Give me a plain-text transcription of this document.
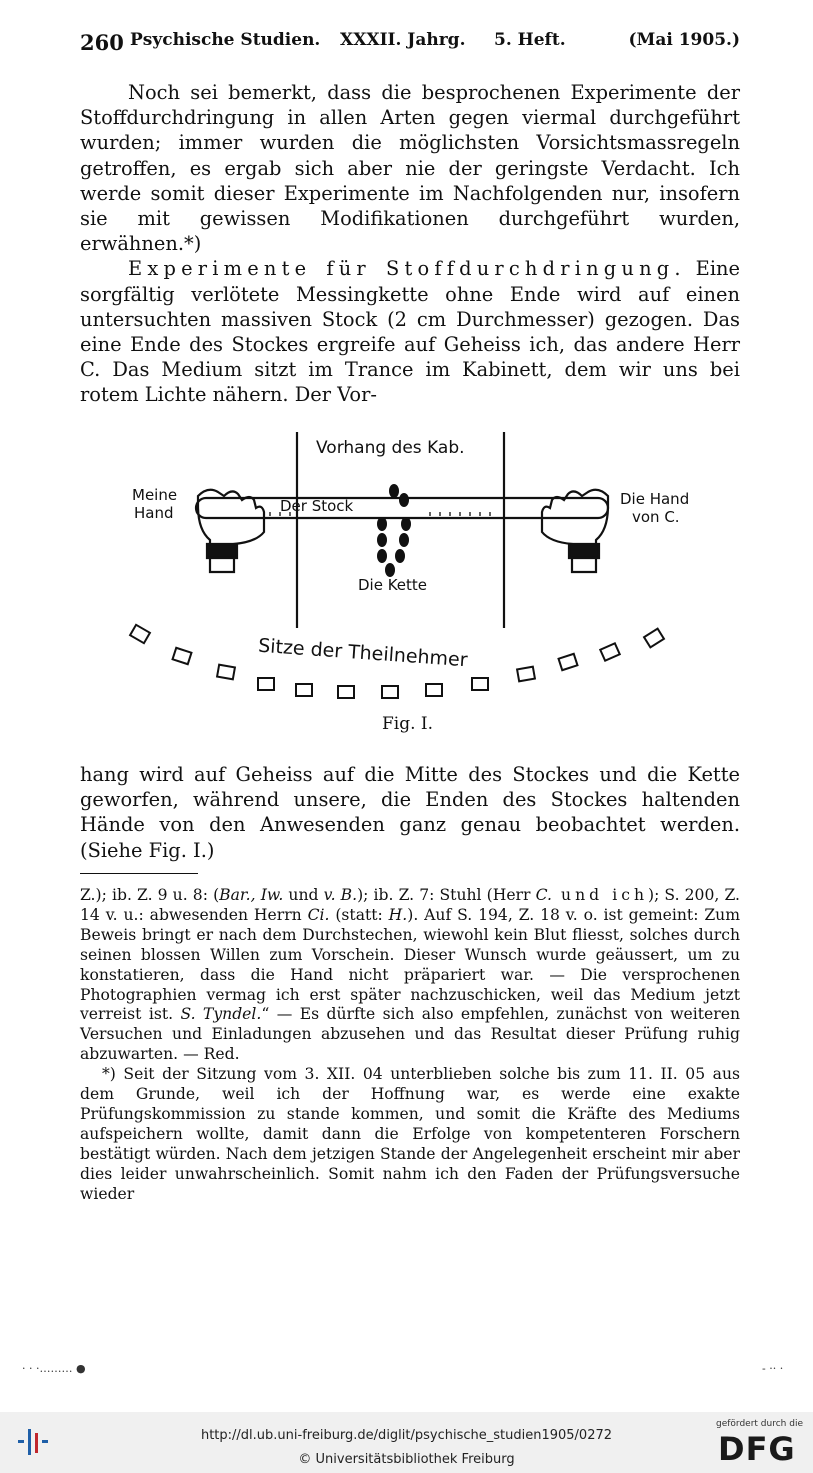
260 Psychische Studien. XXXII. Jahrg. 5. Heft.	(Mai 1905.)

Noch sei bemerkt, dass die besprochenen Experimente der Stoffdurchdringung in allen Arten gegen viermal durchgeführt wurden; immer wurden die möglichsten Vorsichtsmassregeln getroffen, es ergab sich aber nie der geringste Verdacht. Ich werde somit dieser Experimente im Nachfolgenden nur, insofern sie mit gewissen Modifikationen durchgeführt wurden, erwähnen.*)

Experimente für Stoffdurchdringung. Eine sorgfältig verlötete Messingkette ohne Ende wird auf einen untersuchten massiven Stock (2 cm Durchmesser) gezogen. Das eine Ende des Stockes ergreife auf Geheiss ich, das andere Herr C. Das Medium sitzt im Trance im Kabinett, dem wir uns bei rotem Lichte nähern. Der Vor-

Vorhang des Kab.
Meine
Hand	Der Stock	Die Hand
von C.
Die Kette
Sitze der Theilnehmer
Fig. I.

hang wird auf Geheiss auf die Mitte des Stockes und die Kette geworfen, während unsere, die Enden des Stockes haltenden Hände von den Anwesenden ganz genau beobachtet werden. (Siehe Fig. I.)

Z.); ib. Z. 9 u. 8: (Bar., Iw. und v. B.); ib. Z. 7: Stuhl (Herr C. und ich); S. 200, Z. 14 v. u.: abwesenden Herrn Ci. (statt: H.). Auf S. 194, Z. 18 v. o. ist gemeint: Zum Beweis bringt er nach dem Durchstechen, wiewohl kein Blut fliesst, solches durch seinen blossen Willen zum Vorschein. Dieser Wunsch wurde geäussert, um zu konstatieren, dass die Hand nicht präpariert war. — Die versprochenen Photographien vermag ich erst später nachzuschicken, weil das Medium jetzt verreist ist. S. Tyndel.“ — Es dürfte sich also empfehlen, zunächst von weiteren Versuchen und Einladungen abzusehen und das Resultat dieser Prüfung ruhig abzuwarten. — Red.

*) Seit der Sitzung vom 3. XII. 04 unterblieben solche bis zum 11. II. 05 aus dem Grunde, weil ich der Hoffnung war, es werde eine exakte Prüfungskommission zu stande kommen, und somit die Kräfte des Mediums aufspeichern wollte, damit dann die Erfolge von kompetenteren Forschern bestätigt würden. Nach dem jetzigen Stande der Angelegenheit erscheint mir aber dies leider unwahrscheinlich. Somit nahm ich den Faden der Prüfungsversuche wieder

· · ·……… ●	- ·· ·
http://dl.ub.uni-freiburg.de/diglit/psychische_studien1905/0272
© Universitätsbibliothek Freiburg
gefördert durch die
DFG
